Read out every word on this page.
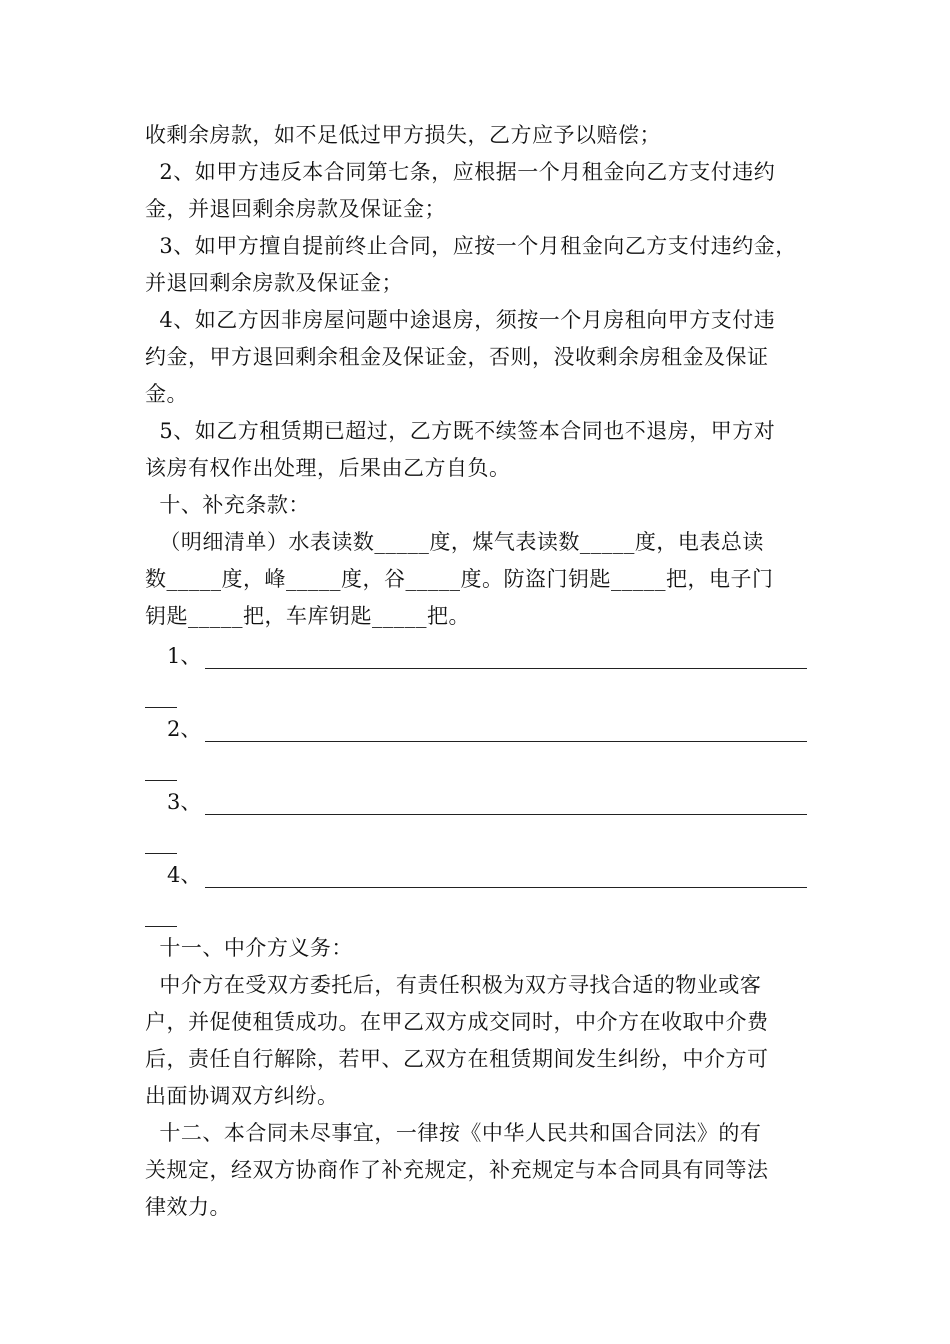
收剩余房款，如不足低过甲方损失，乙方应予以赔偿；
2、如甲方违反本合同第七条，应根据一个月租金向乙方支付违约
金，并退回剩余房款及保证金；
3、如甲方擅自提前终止合同，应按一个月租金向乙方支付违约金，
并退回剩余房款及保证金；
4、如乙方因非房屋问题中途退房，须按一个月房租向甲方支付违
约金，甲方退回剩余租金及保证金，否则，没收剩余房租金及保证
金。
5、如乙方租赁期已超过，乙方既不续签本合同也不退房，甲方对
该房有权作出处理，后果由乙方自负。
十、补充条款：
（明细清单）水表读数_____度，煤气表读数_____度，电表总读
数_____度，峰_____度，谷_____度。防盗门钥匙_____把，电子门
钥匙_____把，车库钥匙_____把。
1、
2、
3、
4、
十一、中介方义务：
中介方在受双方委托后，有责任积极为双方寻找合适的物业或客
户，并促使租赁成功。在甲乙双方成交同时，中介方在收取中介费
后，责任自行解除，若甲、乙双方在租赁期间发生纠纷，中介方可
出面协调双方纠纷。
十二、本合同未尽事宜，一律按《中华人民共和国合同法》的有
关规定，经双方协商作了补充规定，补充规定与本合同具有同等法
律效力。
